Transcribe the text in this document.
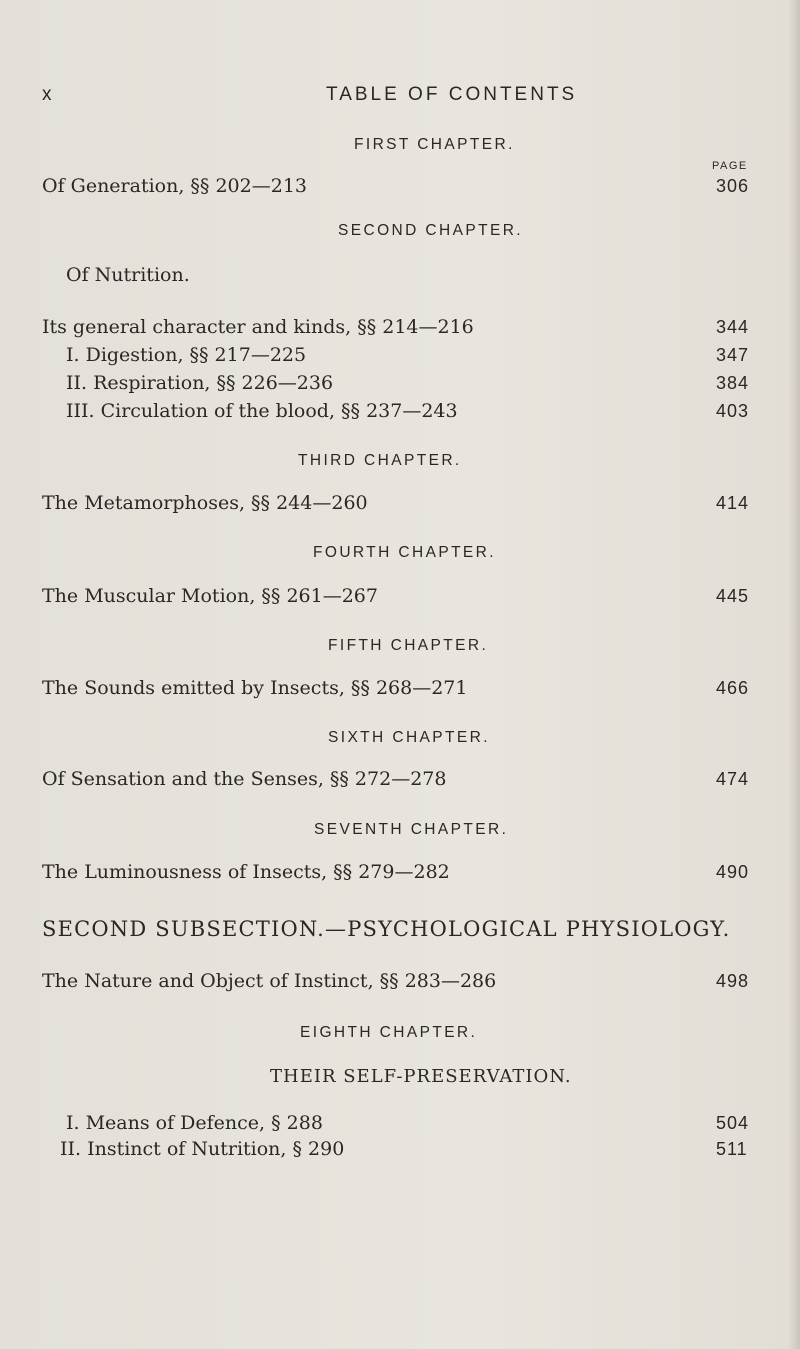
x	TABLE OF CONTENTS
FIRST CHAPTER.
PAGE
Of Generation, §§ 202—213	306
SECOND CHAPTER.
Of Nutrition.
Its general character and kinds, §§ 214—216	344
I. Digestion, §§ 217—225	347
II. Respiration, §§ 226—236	384
III. Circulation of the blood, §§ 237—243	403
THIRD CHAPTER.
The Metamorphoses, §§ 244—260	414
FOURTH CHAPTER.
The Muscular Motion, §§ 261—267	445
FIFTH CHAPTER.
The Sounds emitted by Insects, §§ 268—271	466
SIXTH CHAPTER.
Of Sensation and the Senses, §§ 272—278	474
SEVENTH CHAPTER.
The Luminousness of Insects, §§ 279—282	490
SECOND SUBSECTION.—PSYCHOLOGICAL PHYSIOLOGY.
The Nature and Object of Instinct, §§ 283—286	498
EIGHTH CHAPTER.
THEIR SELF-PRESERVATION.
I. Means of Defence, § 288	504
II. Instinct of Nutrition, § 290	511
